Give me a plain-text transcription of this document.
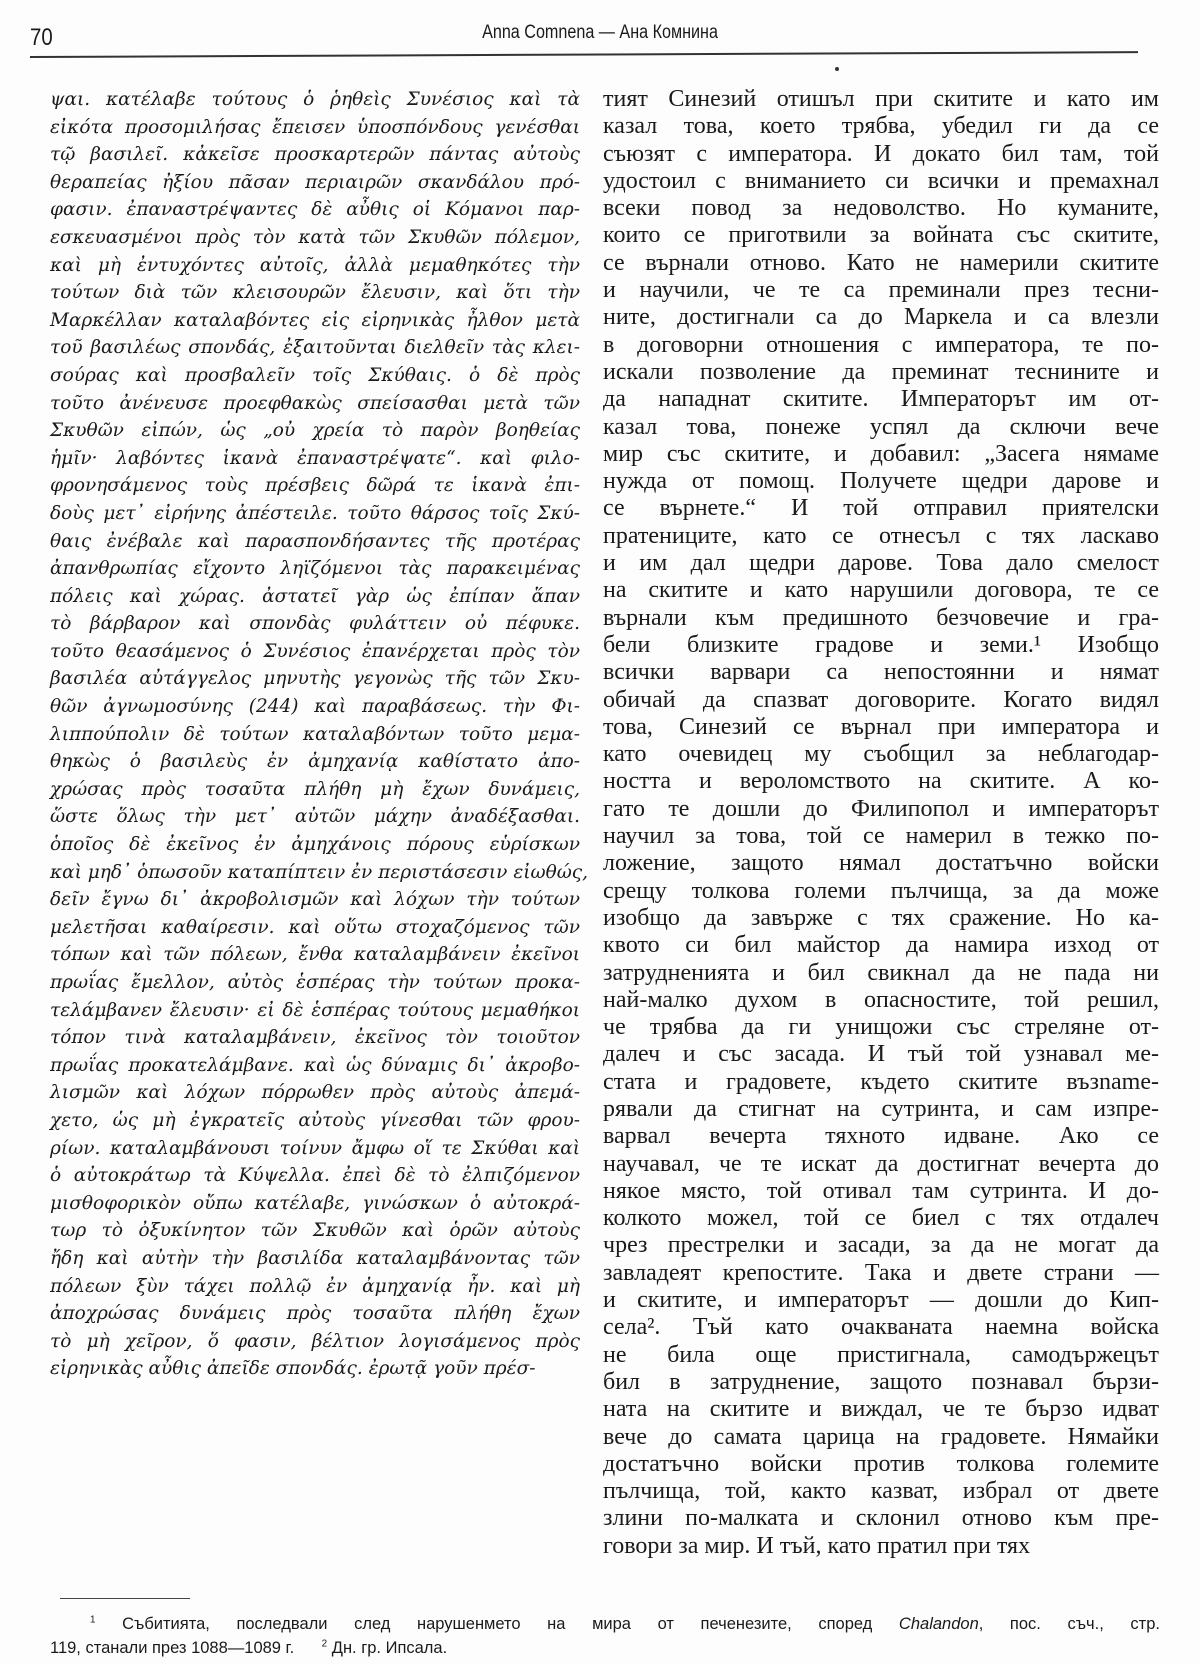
70	Anna Comnena — Ана Комнина
ψαι. κατέλαβε τούτους ὁ ῥηθεὶς Συνέσιος καὶ τὰ
εἰκότα προσομιλήσας ἔπεισεν ὑποσπόνδους γενέσθαι
τῷ βασιλεῖ. κἀκεῖσε προσκαρτερῶν πάντας αὐτοὺς
θεραπείας ἠξίου πᾶσαν περιαιρῶν σκανδάλου πρό-
φασιν. ἐπαναστρέψαντες δὲ αὖθις οἱ Κόμανοι παρ-
εσκευασμένοι πρὸς τὸν κατὰ τῶν Σκυθῶν πόλεμον,
καὶ μὴ ἐντυχόντες αὐτοῖς, ἀλλὰ μεμαθηκότες τὴν
τούτων διὰ τῶν κλεισουρῶν ἔλευσιν, καὶ ὅτι τὴν
Μαρκέλλαν καταλαβόντες εἰς εἰρηνικὰς ἦλθον μετὰ
τοῦ βασιλέως σπονδάς, ἐξαιτοῦνται διελθεῖν τὰς κλει-
σούρας καὶ προσβαλεῖν τοῖς Σκύθαις. ὁ δὲ πρὸς
τοῦτο ἀνένευσε προεφθακὼς σπείσασθαι μετὰ τῶν
Σκυθῶν εἰπών, ὡς „οὐ χρεία τὸ παρὸν βοηθείας
ἡμῖν· λαβόντες ἱκανὰ ἐπαναστρέψατε“. καὶ φιλο-
φρονησάμενος τοὺς πρέσβεις δῶρά τε ἱκανὰ ἐπι-
δοὺς μετ᾽ εἰρήνης ἀπέστειλε. τοῦτο θάρσος τοῖς Σκύ-
θαις ἐνέβαλε καὶ παρασπονδήσαντες τῆς προτέρας
ἀπανθρωπίας εἴχοντο ληϊζόμενοι τὰς παρακειμένας
πόλεις καὶ χώρας. ἀστατεῖ γὰρ ὡς ἐπίπαν ἅπαν
τὸ βάρβαρον καὶ σπονδὰς φυλάττειν οὐ πέφυκε.
τοῦτο θεασάμενος ὁ Συνέσιος ἐπανέρχεται πρὸς τὸν
βασιλέα αὐτάγγελος μηνυτὴς γεγονὼς τῆς τῶν Σκυ-
θῶν ἀγνωμοσύνης (244) καὶ παραβάσεως. τὴν Φι-
λιππούπολιν δὲ τούτων καταλαβόντων τοῦτο μεμα-
θηκὼς ὁ βασιλεὺς ἐν ἀμηχανίᾳ καθίστατο ἀπο-
χρώσας πρὸς τοσαῦτα πλήθη μὴ ἔχων δυνάμεις,
ὥστε ὅλως τὴν μετ᾽ αὐτῶν μάχην ἀναδέξασθαι.
ὁποῖος δὲ ἐκεῖνος ἐν ἀμηχάνοις πόρους εὑρίσκων
καὶ μηδ᾽ ὁπωσοῦν καταπίπτειν ἐν περιστάσεσιν εἰωθώς,
δεῖν ἔγνω δι᾽ ἀκροβολισμῶν καὶ λόχων τὴν τούτων
μελετῆσαι καθαίρεσιν. καὶ οὕτω στοχαζόμενος τῶν
τόπων καὶ τῶν πόλεων, ἔνθα καταλαμβάνειν ἐκεῖνοι
πρωΐας ἔμελλον, αὐτὸς ἑσπέρας τὴν τούτων προκα-
τελάμβανεν ἔλευσιν· εἰ δὲ ἑσπέρας τούτους μεμαθήκοι
τόπον τινὰ καταλαμβάνειν, ἐκεῖνος τὸν τοιοῦτον
πρωΐας προκατελάμβανε. καὶ ὡς δύναμις δι᾽ ἀκροβο-
λισμῶν καὶ λόχων πόρρωθεν πρὸς αὐτοὺς ἀπεμά-
χετο, ὡς μὴ ἐγκρατεῖς αὐτοὺς γίνεσθαι τῶν φρου-
ρίων. καταλαμβάνουσι τοίνυν ἄμφω οἵ τε Σκύθαι καὶ
ὁ αὐτοκράτωρ τὰ Κύψελλα. ἐπεὶ δὲ τὸ ἐλπιζόμενον
μισθοφορικὸν οὔπω κατέλαβε, γινώσκων ὁ αὐτοκρά-
τωρ τὸ ὀξυκίνητον τῶν Σκυθῶν καὶ ὁρῶν αὐτοὺς
ἤδη καὶ αὐτὴν τὴν βασιλίδα καταλαμβάνοντας τῶν
πόλεων ξὺν τάχει πολλῷ ἐν ἀμηχανίᾳ ἦν. καὶ μὴ
ἀποχρώσας δυνάμεις πρὸς τοσαῦτα πλήθη ἔχων
τὸ μὴ χεῖρον, ὅ φασιν, βέλτιον λογισάμενος πρὸς
εἰρηνικὰς αὖθις ἀπεῖδε σπονδάς. ἐρωτᾷ γοῦν πρέσ-
тият Синезий отишъл при скитите и като им
казал това, което трябва, убедил ги да се
съюзят с императора. И докато бил там, той
удостоил с вниманието си всички и премахнал
всеки повод за недоволство. Но куманите,
които се приготвили за войната със скитите,
се върнали отново. Като не намерили скитите
и научили, че те са преминали през тесни-
ните, достигнали са до Маркела и са влезли
в договорни отношения с императора, те по-
искали позволение да преминат теснините и
да нападнат скитите. Императорът им от-
казал това, понеже успял да сключи вече
мир със скитите, и добавил: „Засега нямаме
нужда от помощ. Получете щедри дарове и
се върнете.“ И той отправил приятелски
пратениците, като се отнесъл с тях ласкаво
и им дал щедри дарове. Това дало смелост
на скитите и като нарушили договора, те се
върнали към предишното безчовечие и гра-
бели близките градове и земи.¹ Изобщо
всички варвари са непостоянни и нямат
обичай да спазват договорите. Когато видял
това, Синезий се върнал при императора и
като очевидец му съобщил за неблагодар-
ността и вероломството на скитите. А ко-
гато те дошли до Филипопол и императорът
научил за това, той се намерил в тежко по-
ложение, защото нямал достатъчно войски
срещу толкова големи пълчища, за да може
изобщо да завърже с тях сражение. Но ка-
квото си бил майстор да намира изход от
затрудненията и бил свикнал да не пада ни
най-малко духом в опасностите, той решил,
че трябва да ги унищожи със стреляне от-
далеч и със засада. И тъй той узнавал ме-
стата и градовете, където скитите възname-
рявали да стигнат на сутринта, и сам изпре-
варвал вечерта тяхното идване. Ако се
научавал, че те искат да достигнат вечерта до
някое място, той отивал там сутринта. И до-
колкото можел, той се биел с тях отдалеч
чрез престрелки и засади, за да не могат да
завладеят крепостите. Така и двете страни —
и скитите, и императорът — дошли до Кип-
села². Тъй като очакваната наемна войска
не била още пристигнала, самодържецът
бил в затруднение, защото познавал бързи-
ната на скитите и виждал, че те бързо идват
вече до самата царица на градовете. Нямайки
достатъчно войски против толкова големите
пълчища, той, както казват, избрал от двете
злини по-малката и склонил отново към пре-
говори за мир. И тъй, като пратил при тях
$^1$ Събитията, последвали след нарушенмето на мира от печенезите, според Chalandon, пос. съч., стр.
119, станали през 1088—1089 г.	$^2$ Дн. гр. Ипсала.
